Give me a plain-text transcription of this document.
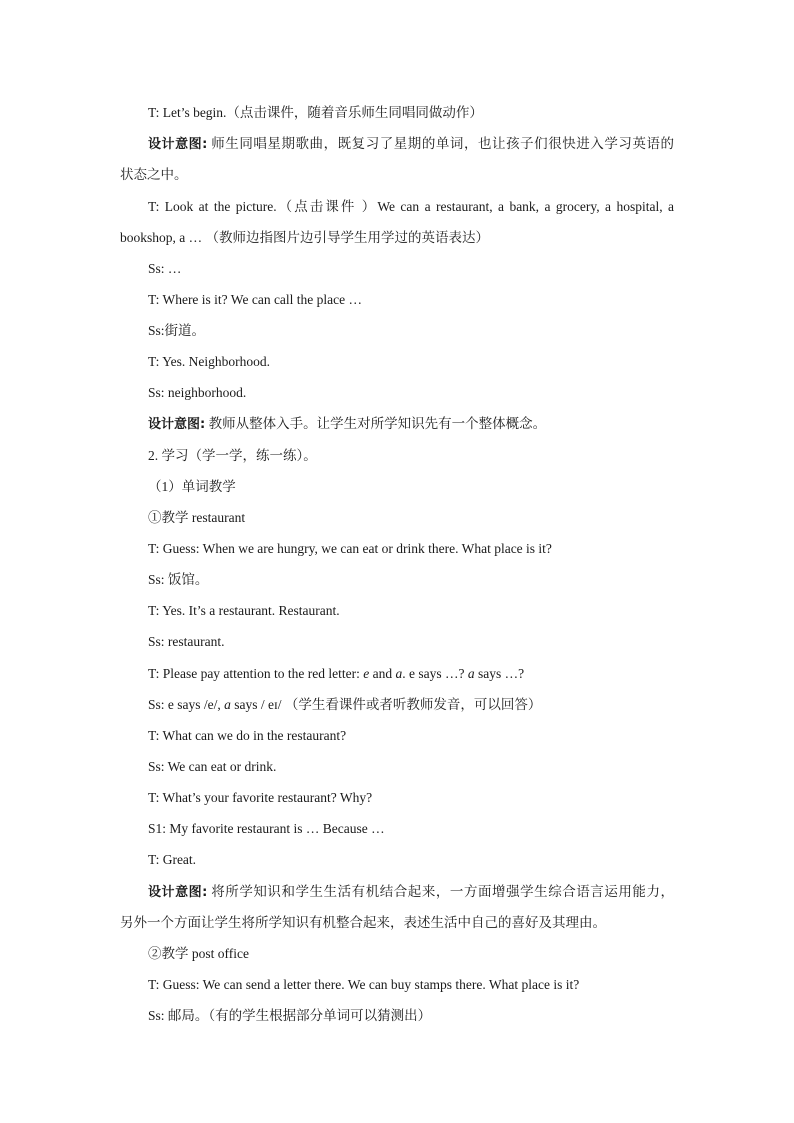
T: Let’s begin.（点击课件，随着音乐师生同唱同做动作）
设计意图: 师生同唱星期歌曲，既复习了星期的单词，也让孩子们很快进入学习英语的
状态之中。
T: Look at the picture.（点击课件 ）We can a restaurant, a bank, a grocery, a hospital, a
bookshop, a … （教师边指图片边引导学生用学过的英语表达）
Ss: …
T: Where is it? We can call the place …
Ss:街道。
T: Yes. Neighborhood.
Ss: neighborhood.
设计意图: 教师从整体入手。让学生对所学知识先有一个整体概念。
2. 学习（学一学，练一练）。
（1）单词教学
①教学 restaurant
T: Guess: When we are hungry, we can eat or drink there. What place is it?
Ss: 饭馆。
T: Yes. It’s a restaurant. Restaurant.
Ss: restaurant.
T: Please pay attention to the red letter: e and a. e says …? a says …?
Ss: e says /e/, a says / eɪ/ （学生看课件或者听教师发音，可以回答）
T: What can we do in the restaurant?
Ss: We can eat or drink.
T: What’s your favorite restaurant? Why?
S1: My favorite restaurant is … Because …
T: Great.
设计意图: 将所学知识和学生生活有机结合起来，一方面增强学生综合语言运用能力，
另外一个方面让学生将所学知识有机整合起来，表述生活中自己的喜好及其理由。
②教学 post office
T: Guess: We can send a letter there. We can buy stamps there. What place is it?
Ss: 邮局。（有的学生根据部分单词可以猜测出）
